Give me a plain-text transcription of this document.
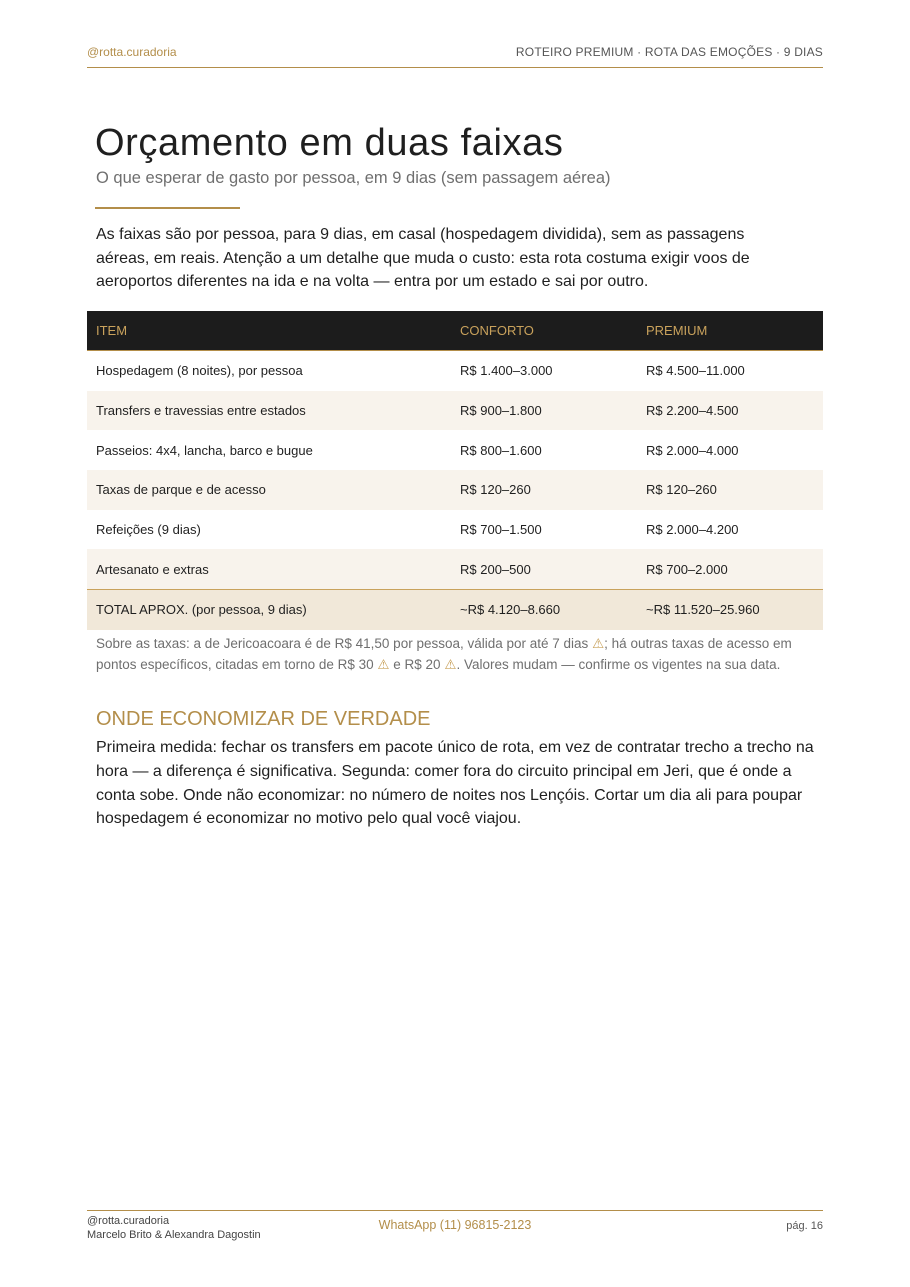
@rotta.curadoria	ROTEIRO PREMIUM · ROTA DAS EMOÇÕES · 9 DIAS
Orçamento em duas faixas

O que esperar de gasto por pessoa, em 9 dias (sem passagem aérea)

As faixas são por pessoa, para 9 dias, em casal (hospedagem dividida), sem as passagens aéreas, em reais. Atenção a um detalhe que muda o custo: esta rota costuma exigir voos de aeroportos diferentes na ida e na volta — entra por um estado e sai por outro.

ITEM	CONFORTO	PREMIUM
Hospedagem (8 noites), por pessoa	R$ 1.400–3.000	R$ 4.500–11.000
Transfers e travessias entre estados	R$ 900–1.800	R$ 2.200–4.500
Passeios: 4x4, lancha, barco e bugue	R$ 800–1.600	R$ 2.000–4.000
Taxas de parque e de acesso	R$ 120–260	R$ 120–260
Refeições (9 dias)	R$ 700–1.500	R$ 2.000–4.200
Artesanato e extras	R$ 200–500	R$ 700–2.000
TOTAL APROX. (por pessoa, 9 dias)	~R$ 4.120–8.660	~R$ 11.520–25.960

Sobre as taxas: a de Jericoacoara é de R$ 41,50 por pessoa, válida por até 7 dias ⚠; há outras taxas de acesso em pontos específicos, citadas em torno de R$ 30 ⚠ e R$ 20 ⚠. Valores mudam — confirme os vigentes na sua data.

ONDE ECONOMIZAR DE VERDADE

Primeira medida: fechar os transfers em pacote único de rota, em vez de contratar trecho a trecho na hora — a diferença é significativa. Segunda: comer fora do circuito principal em Jeri, que é onde a conta sobe. Onde não economizar: no número de noites nos Lençóis. Cortar um dia ali para poupar hospedagem é economizar no motivo pelo qual você viajou.

@rotta.curadoria
Marcelo Brito & Alexandra Dagostin
WhatsApp (11) 96815-2123	pág. 16
